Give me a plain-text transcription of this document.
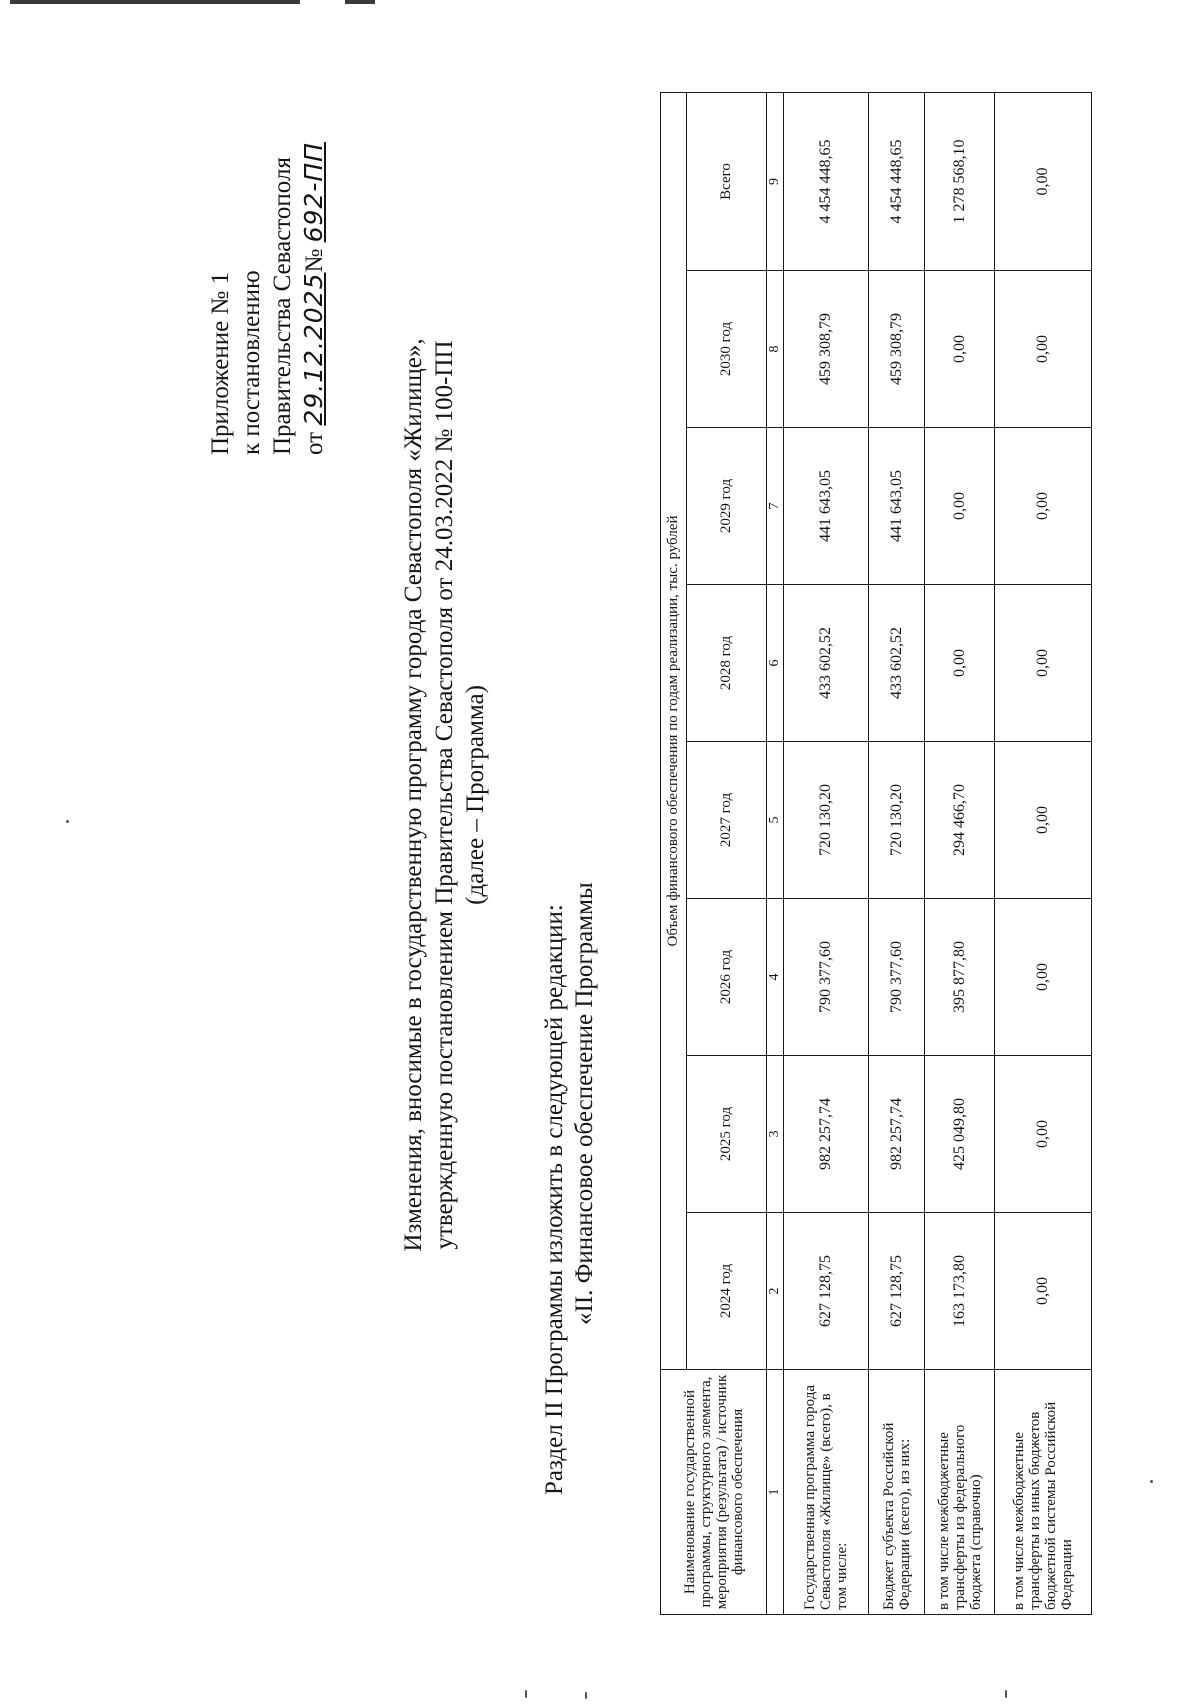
Приложение № 1 к постановлению Правительства Севастополя от 29.12.2025№ 692-ПП
Изменения, вносимые в государственную программу города Севастополя «Жилище», утвержденную постановлением Правительства Севастополя от 24.03.2022 № 100-ПП (далее – Программа)
Раздел II Программы изложить в следующей редакции: «II. Финансовое обеспечение Программы
Наименование государственной программы, структурного элемента, мероприятия (результата) / источник финансового обеспечения	Объем финансового обеспечения по годам реализации, тыс. рублей							
	2024 год	2025 год	2026 год	2027 год	2028 год	2029 год	2030 год	Всего
1	2	3	4	5	6	7	8	9
Государственная программа города Севастополя «Жилище» (всего), в том числе:	627 128,75	982 257,74	790 377,60	720 130,20	433 602,52	441 643,05	459 308,79	4 454 448,65
Бюджет субъекта Российской Федерации (всего), из них:	627 128,75	982 257,74	790 377,60	720 130,20	433 602,52	441 643,05	459 308,79	4 454 448,65
в том числе межбюджетные трансферты из федерального бюджета (справочно)	163 173,80	425 049,80	395 877,80	294 466,70	0,00	0,00	0,00	1 278 568,10
в том числе межбюджетные трансферты из иных бюджетов бюджетной системы Российской Федерации	0,00	0,00	0,00	0,00	0,00	0,00	0,00	0,00
